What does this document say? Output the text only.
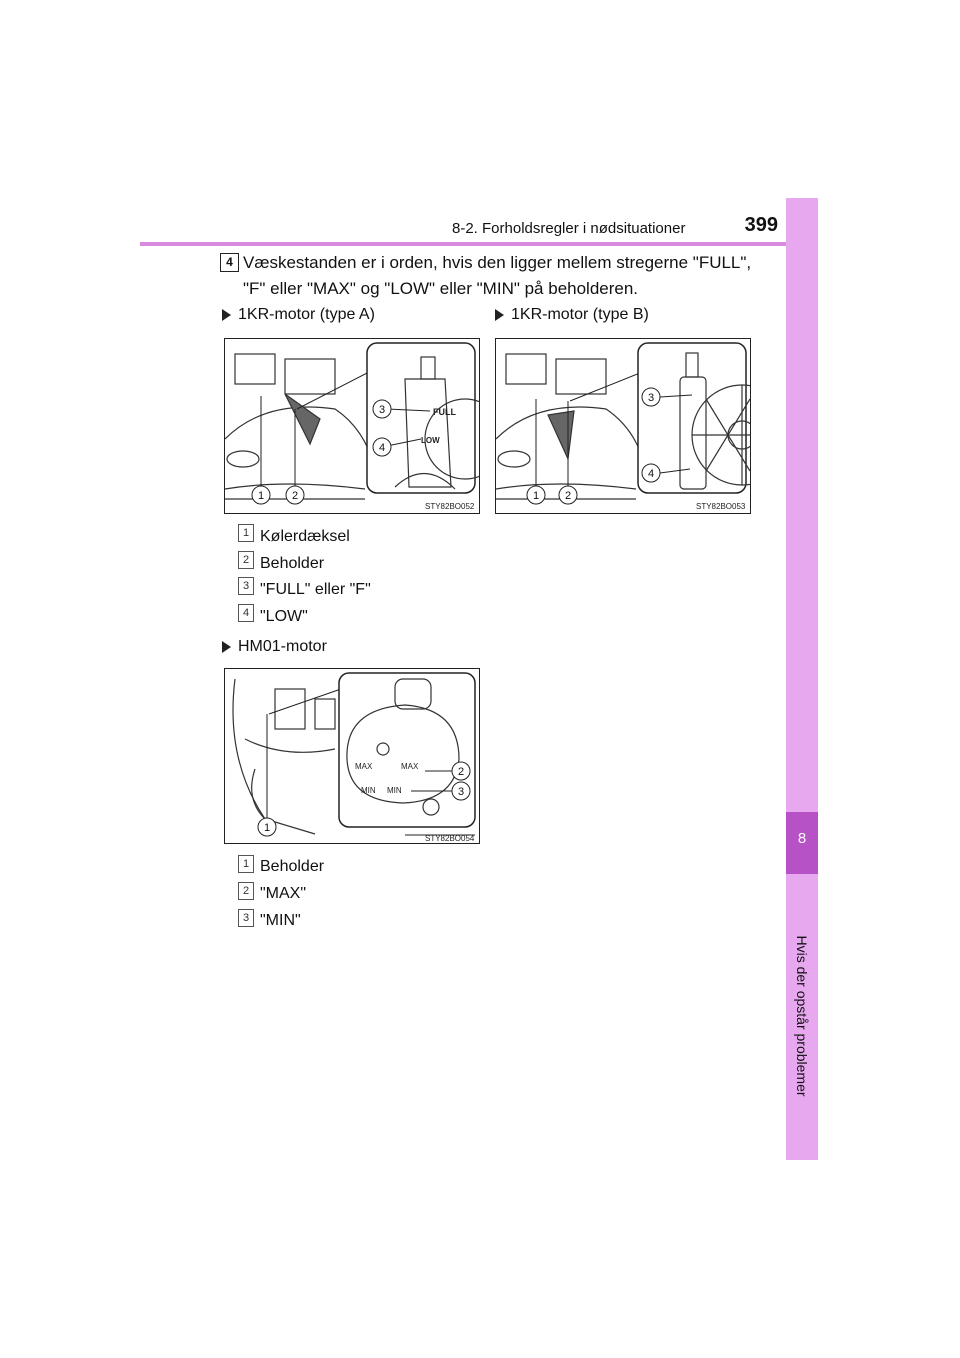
8-2. Forholdsregler i nødsituationer	399
8
Hvis der opstår problemer
4 Væskestanden er i orden, hvis den ligger mellem stregerne "FULL", "F" eller "MAX" og "LOW" eller "MIN" på beholderen.
1KR-motor (type A)
FULL
LOW
1	2
3
4
STY82BO052
1KR-motor (type B)
1 2
3
4
STY82BO053
1 Kølerdæksel
2 Beholder
3 "FULL" eller "F"
4 "LOW"
HM01-motor
MAX	MAX
MIN MIN
1
2
3
STY82BO054
1 Beholder
2 "MAX"
3 "MIN"
